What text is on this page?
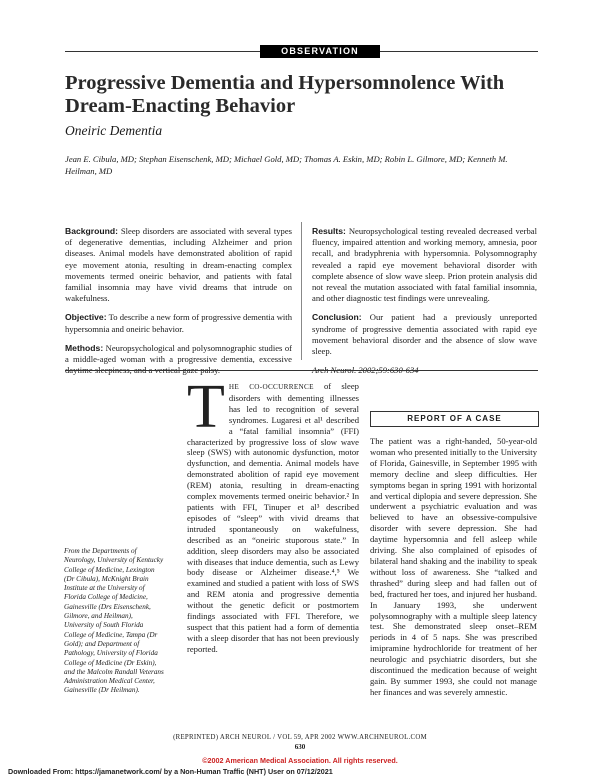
OBSERVATION
Progressive Dementia and Hypersomnolence With Dream-Enacting Behavior
Oneiric Dementia
Jean E. Cibula, MD; Stephan Eisenschenk, MD; Michael Gold, MD; Thomas A. Eskin, MD; Robin L. Gilmore, MD; Kenneth M. Heilman, MD

Background: Sleep disorders are associated with several types of degenerative dementias, including Alzheimer and prion diseases. Animal models have demonstrated abolition of rapid eye movement atonia, resulting in dream-enacting complex movements termed oneiric behavior, and patients with fatal familial insomnia may have vivid dreams that intrude on wakefulness.

Objective: To describe a new form of progressive dementia with hypersomnia and oneiric behavior.

Methods: Neuropsychological and polysomnographic studies of a middle-aged woman with a progressive dementia, excessive daytime sleepiness, and a vertical gaze palsy.

Results: Neuropsychological testing revealed decreased verbal fluency, impaired attention and working memory, amnesia, poor recall, and bradyphrenia with hypersomnia. Polysomnography revealed a rapid eye movement behavioral disorder with complete absence of slow wave sleep. Prion protein analysis did not reveal the mutation associated with fatal familial insomnia, and other diagnostic test findings were unrevealing.

Conclusion: Our patient had a previously unreported syndrome of progressive dementia associated with rapid eye movement behavioral disorder and the absence of slow wave sleep.

Arch Neurol. 2002;59:630-634

From the Departments of Neurology, University of Kentucky College of Medicine, Lexington (Dr Cibula), McKnight Brain Institute at the University of Florida College of Medicine, Gainesville (Drs Eisenschenk, Gilmore, and Heilman), University of South Florida College of Medicine, Tampa (Dr Gold); and Department of Pathology, University of Florida College of Medicine (Dr Eskin), and the Malcolm Randall Veterans Administration Medical Center, Gainesville (Dr Heilman).
THE CO-OCCURRENCE of sleep disorders with dementing illnesses has led to recognition of several syndromes. Lugaresi et al¹ described a “fatal familial insomnia” (FFI) characterized by progressive loss of slow wave sleep (SWS) with autonomic dysfunction, motor dysfunction, and dementia. Animal models have demonstrated abolition of rapid eye movement (REM) atonia, resulting in dream-enacting complex movements termed oneiric behavior.² In patients with FFI, Tinuper et al³ described episodes of “sleep” with vivid dreams that intruded spontaneously on wakefulness, described as an “oneiric stuporous state.” In addition, sleep disorders may also be associated with diseases that induce dementia, such as Lewy body disease or Alzheimer disease.⁴,⁵ We examined and studied a patient with loss of SWS and REM atonia and progressive dementia without the genetic deficit or postmortem findings associated with FFI. Therefore, we suspect that this patient had a form of dementia with a sleep disorder that has not been previously reported.
REPORT OF A CASE
The patient was a right-handed, 50-year-old woman who presented initially to the University of Florida, Gainesville, in September 1995 with memory decline and sleep difficulties. Her symptoms began in spring 1991 with horizontal and vertical diplopia and severe depression. She underwent a psychiatric evaluation and was believed to have an obsessive-compulsive disorder with severe depression. She had daytime hypersomnia and fell asleep while driving. She also complained of episodes of bilateral hand shaking and the inability to speak without loss of awareness. She “talked and thrashed” during sleep and had fallen out of bed, fractured her toes, and injured her husband. In January 1993, she underwent polysomnography with a multiple sleep latency test. She demonstrated sleep onset–REM periods in 4 of 5 naps. She was prescribed imipramine hydrochloride for treatment of her neurologic and psychiatric disorders, but she discontinued the medication because of weight gain. By summer 1993, she could not manage her finances and was severely amnestic.
(REPRINTED) ARCH NEUROL / VOL 59, APR 2002 WWW.ARCHNEUROL.COM
630
©2002 American Medical Association. All rights reserved.
Downloaded From: https://jamanetwork.com/ by a Non-Human Traffic (NHT) User on 07/12/2021
